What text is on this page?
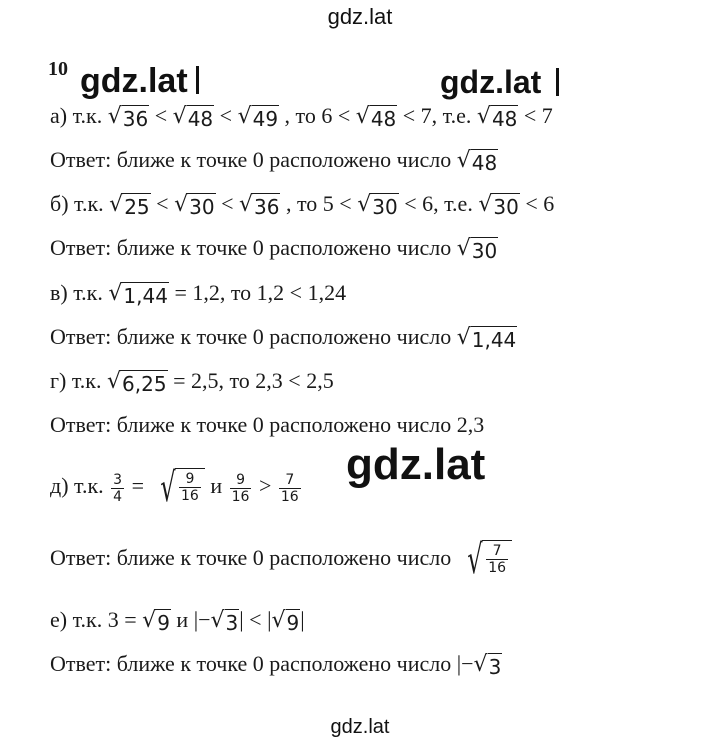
gdz.lat
10 gdz.lat	gdz.lat
а) т.к. √ 36 < √ 48 < √ 49 , то 6 < √ 48 < 7, т.е. √ 48 < 7
Ответ: ближе к точке 0 расположено число √ 48
б) т.к. √ 25 < √ 30 < √ 36 , то 5 < √ 30 < 6, т.е. √ 30 < 6
Ответ: ближе к точке 0 расположено число √ 30
в) т.к. √ 1,44 = 1,2, то 1,2 < 1,24
Ответ: ближе к точке 0 расположено число √ 1,44
г) т.к. √ 6,25 = 2,5, то 2,3 < 2,5
Ответ: ближе к точке 0 расположено число 2,3
gdz.lat
д) т.к. $\frac{3}{4}$ = √ $\frac{9}{16}$ и $\frac{9}{16} > \frac{7}{16}$
Ответ: ближе к точке 0 расположено число √ $\frac{7}{16}$
е) т.к. 3 = √ 9 и |− √ 3 | < | √ 9 |
Ответ: ближе к точке 0 расположено число |− √ 3
gdz.lat
